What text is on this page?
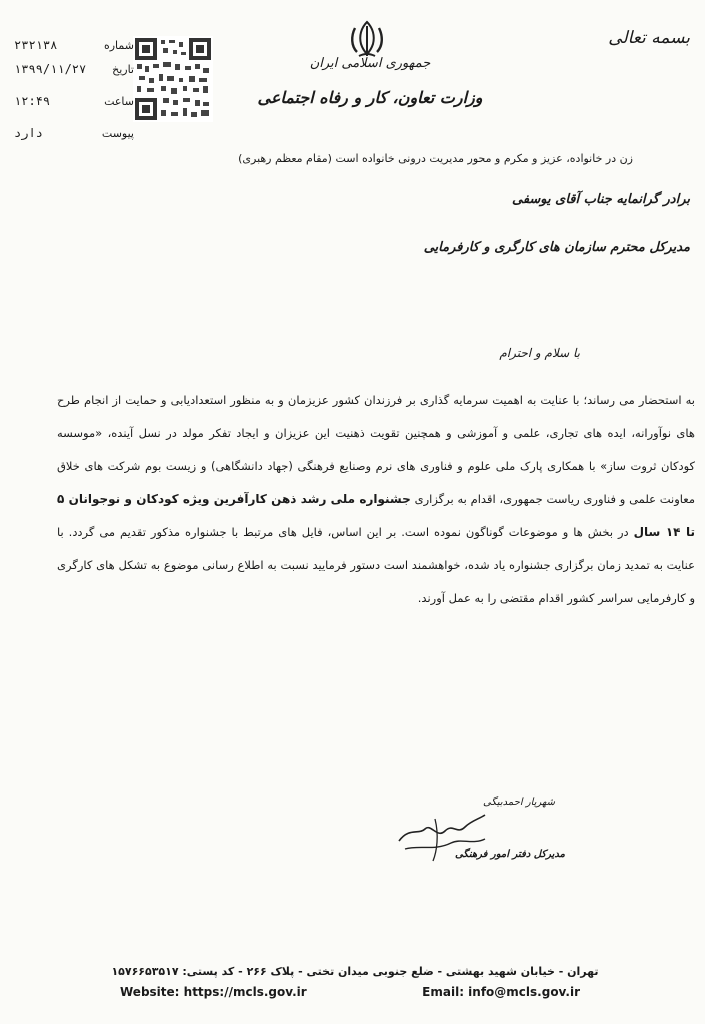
بسمه تعالی
جمهوری اسلامی ایران
وزارت تعاون، کار و رفاه اجتماعی
شماره
۲۳۲۱۳۸
تاریخ
۱۳۹۹/۱۱/۲۷
ساعت
۱۲:۴۹
پیوست
دارد
زن در خانواده، عزیز و مکرم و محور مدیریت درونی خانواده است (مقام معظم رهبری)
برادر گرانمایه جناب آقای یوسفی
مدیرکل محترم سازمان های کارگری و کارفرمایی
با سلام و احترام

به استحضار می رساند؛ با عنایت به اهمیت سرمایه گذاری بر فرزندان کشور عزیزمان و به منظور استعدادیابی و حمایت از انجام طرح های نوآورانه، ایده های تجاری، علمی و آموزشی و همچنین تقویت ذهنیت این عزیزان و ایجاد تفکر مولد در نسل آینده، «موسسه کودکان ثروت ساز» با همکاری پارک ملی علوم و فناوری های نرم وصنایع فرهنگی (جهاد دانشگاهی) و زیست بوم شرکت های خلاق معاونت علمی و فناوری ریاست جمهوری، اقدام به برگزاری جشنواره ملی رشد ذهن کارآفرین ویژه کودکان و نوجوانان ۵ تا ۱۴ سال در بخش ها و موضوعات گوناگون نموده است. بر این اساس، فایل های مرتبط با جشنواره مذکور تقدیم می گردد. با عنایت به تمدید زمان برگزاری جشنواره یاد شده، خواهشمند است دستور فرمایید نسبت به اطلاع رسانی موضوع به تشکل های کارگری و کارفرمایی سراسر کشور اقدام مقتضی را به عمل آورند.

شهریار احمدبیگی
مدیرکل دفتر امور فرهنگی
تهران - خیابان شهید بهشتی - ضلع جنوبی میدان تختی - پلاک ۲۶۶ - کد پستی: ۱۵۷۶۶۵۳۵۱۷
Website: https://mcls.gov.ir	Email: info@mcls.gov.ir
